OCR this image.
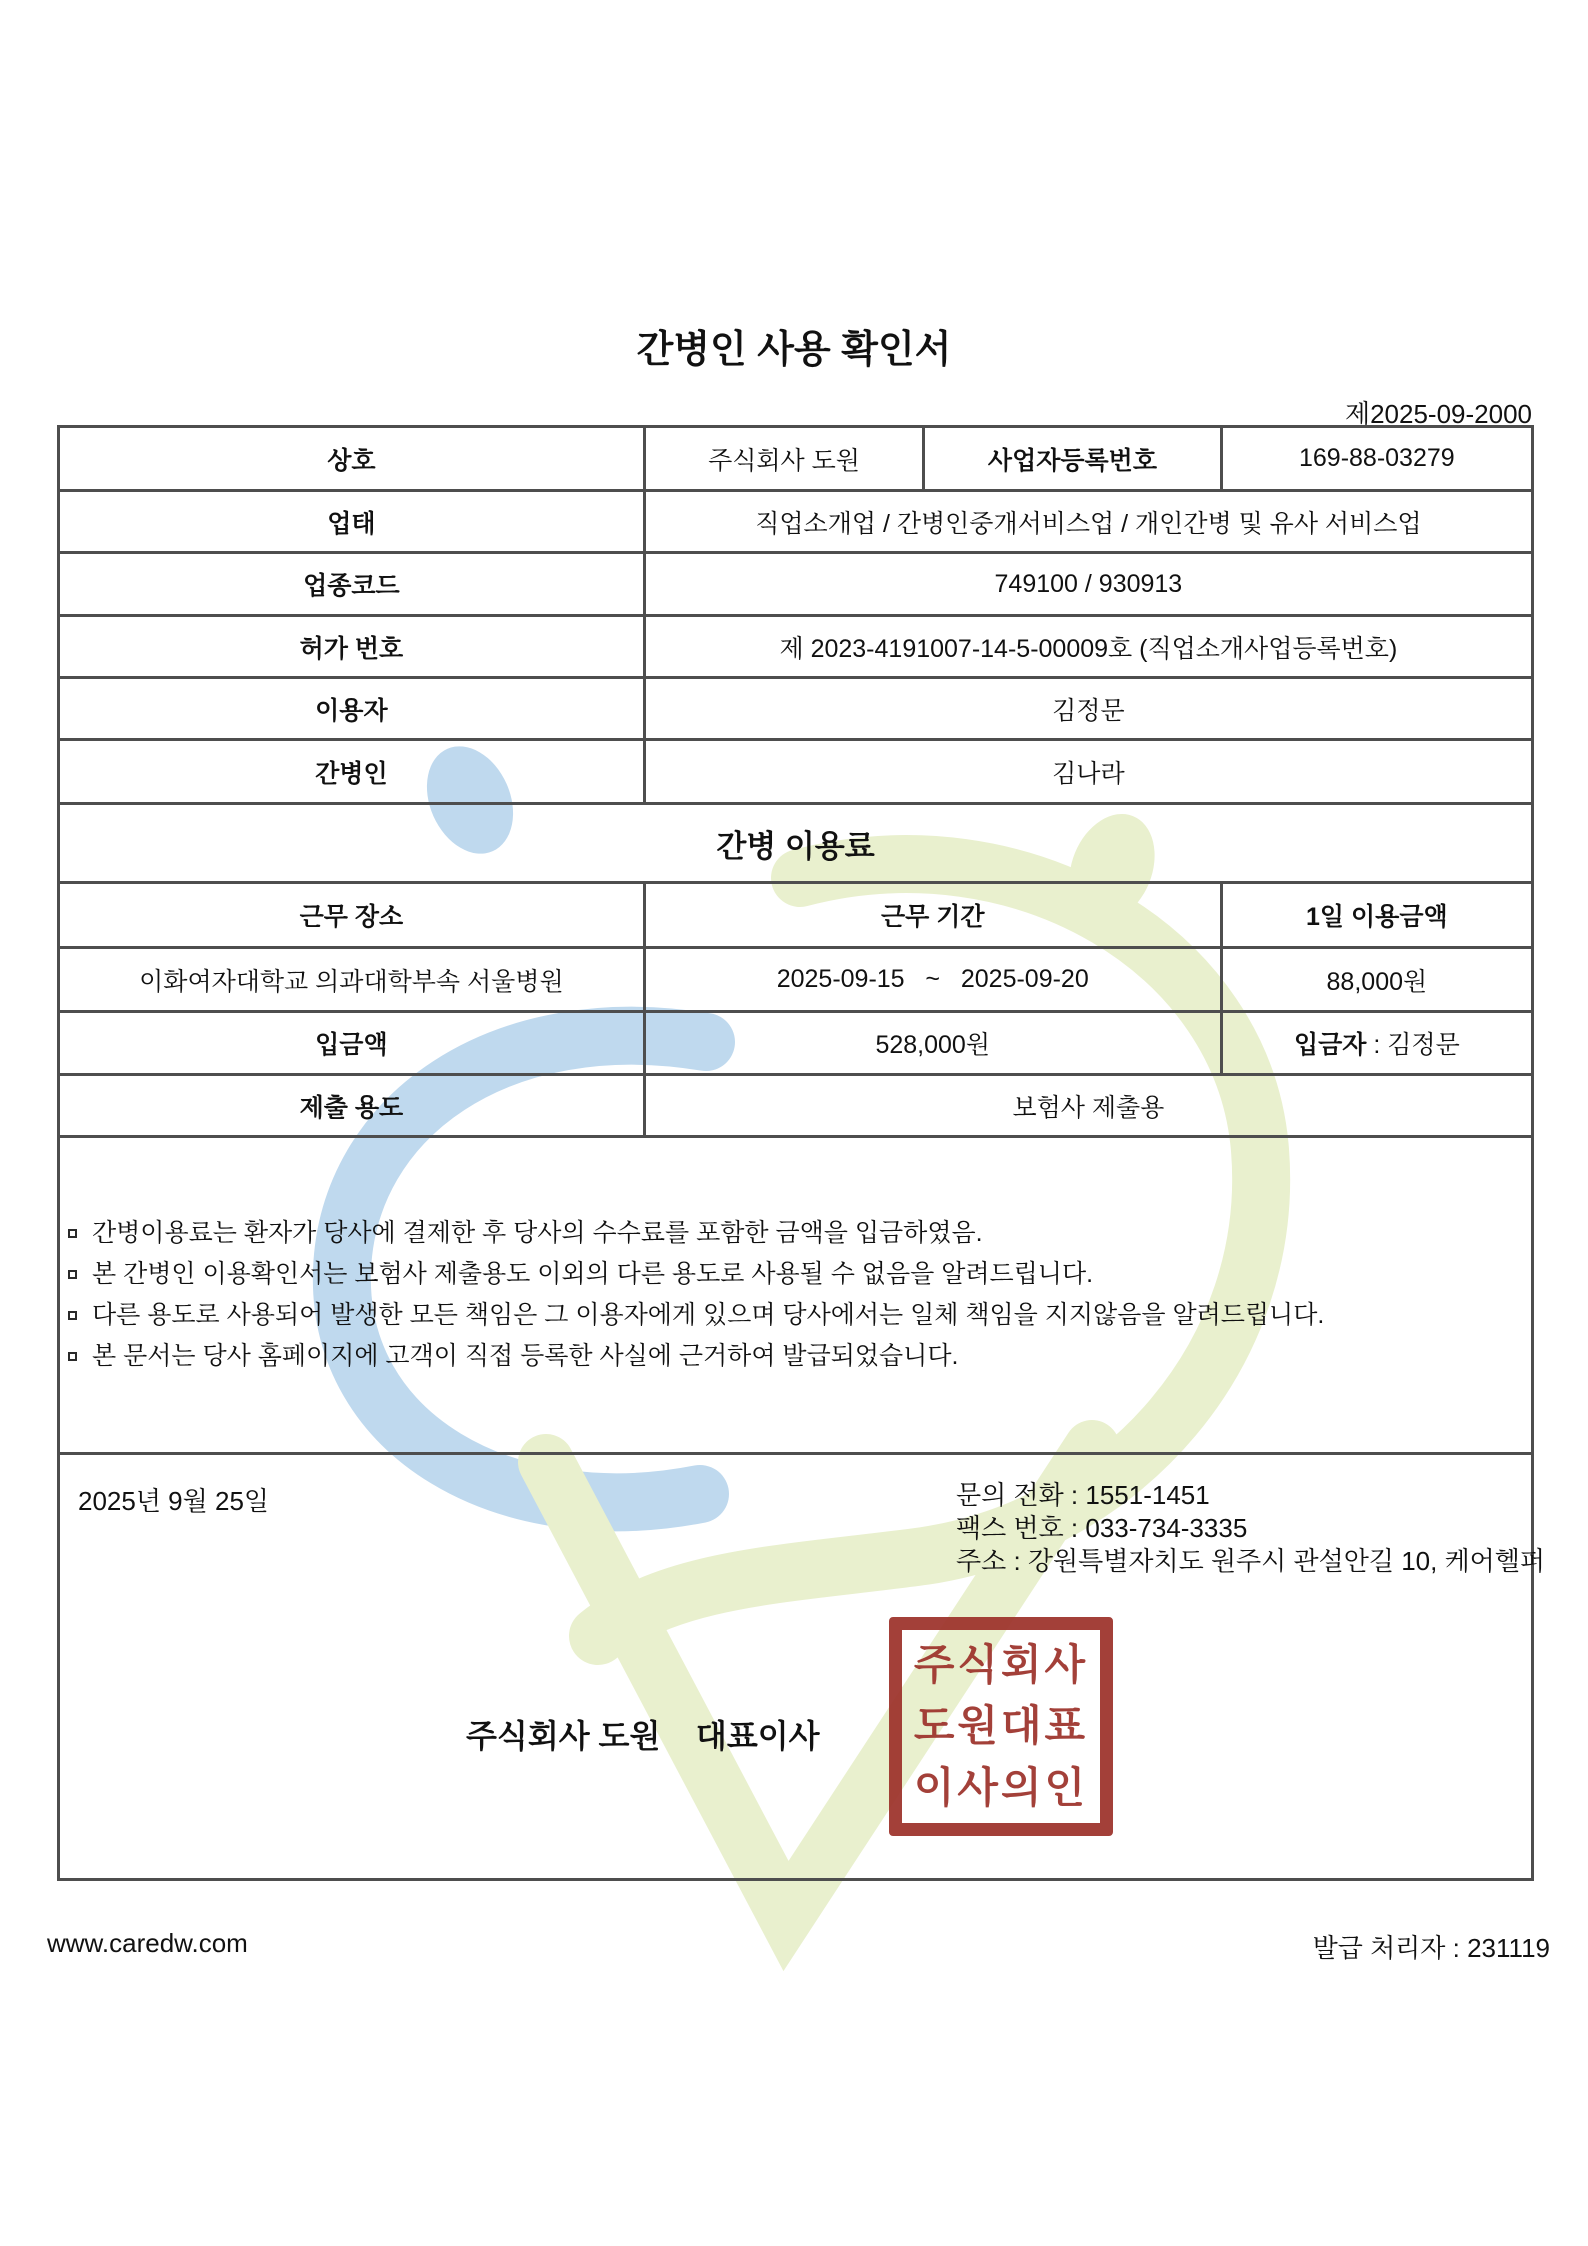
간병인 사용 확인서
제2025-09-2000
상호	주식회사 도원	사업자등록번호	169-88-03279
업태	직업소개업 / 간병인중개서비스업 / 개인간병 및 유사 서비스업		
업종코드	749100 / 930913		
허가 번호	제 2023-4191007-14-5-00009호 (직업소개사업등록번호)		
이용자	김정문		
간병인	김나라		
간병 이용료			
근무 장소	근무 기간		1일 이용금액
이화여자대학교 의과대학부속 서울병원	2025-09-15   ~   2025-09-20		88,000원
입금액	528,000원		입금자 : 김정문
제출 용도	보험사 제출용		

간병이용료는 환자가 당사에 결제한 후 당사의 수수료를 포함한 금액을 입금하였음.
본 간병인 이용확인서는 보험사 제출용도 이외의 다른 용도로 사용될 수 없음을 알려드립니다.
다른 용도로 사용되어 발생한 모든 책임은 그 이용자에게 있으며 당사에서는 일체 책임을 지지않음을 알려드립니다.
본 문서는 당사 홈페이지에 고객이 직접 등록한 사실에 근거하여 발급되었습니다.

2025년 9월 25일	문의 전화 : 1551-1451
팩스 번호 : 033-734-3335
주소 : 강원특별자치도 원주시 관설안길 10, 케어헬퍼
주식회사 도원    대표이사
주식회사
도원대표
이사의인
www.caredw.com	발급 처리자 : 231119
